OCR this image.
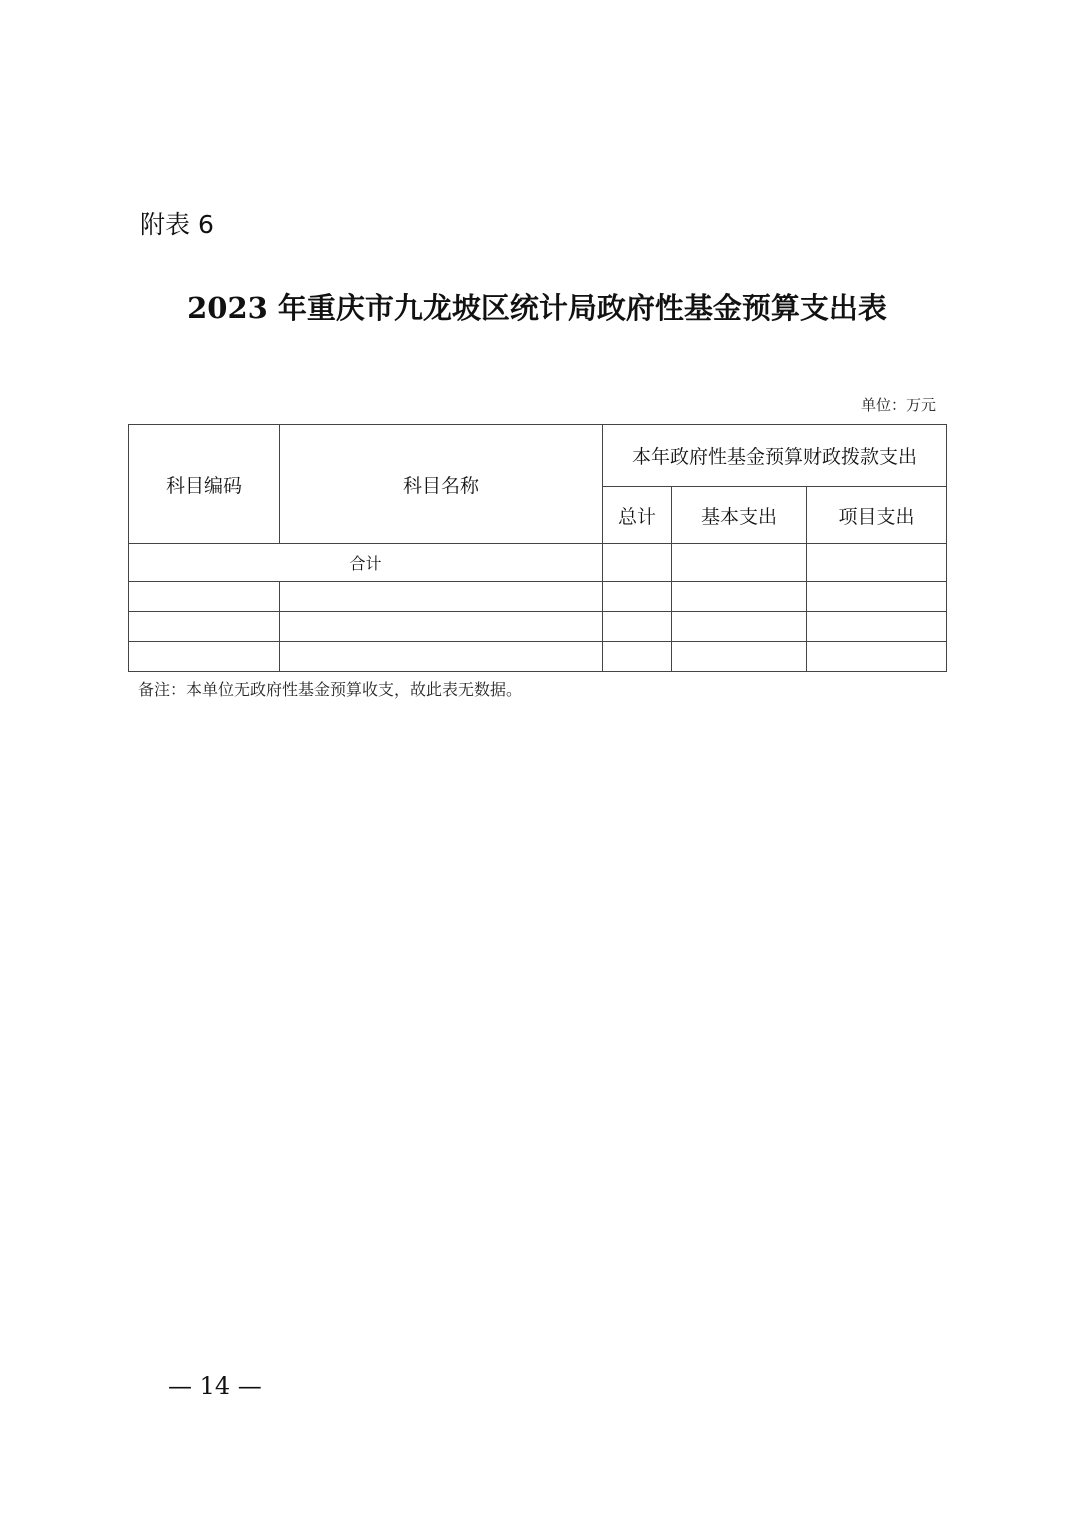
附表 6
2023 年重庆市九龙坡区统计局政府性基金预算支出表
单位：万元
科目编码	科目名称	本年政府性基金预算财政拨款支出		
		总计	基本支出	项目支出
合计				

备注：本单位无政府性基金预算收支，故此表无数据。
— 14 —
